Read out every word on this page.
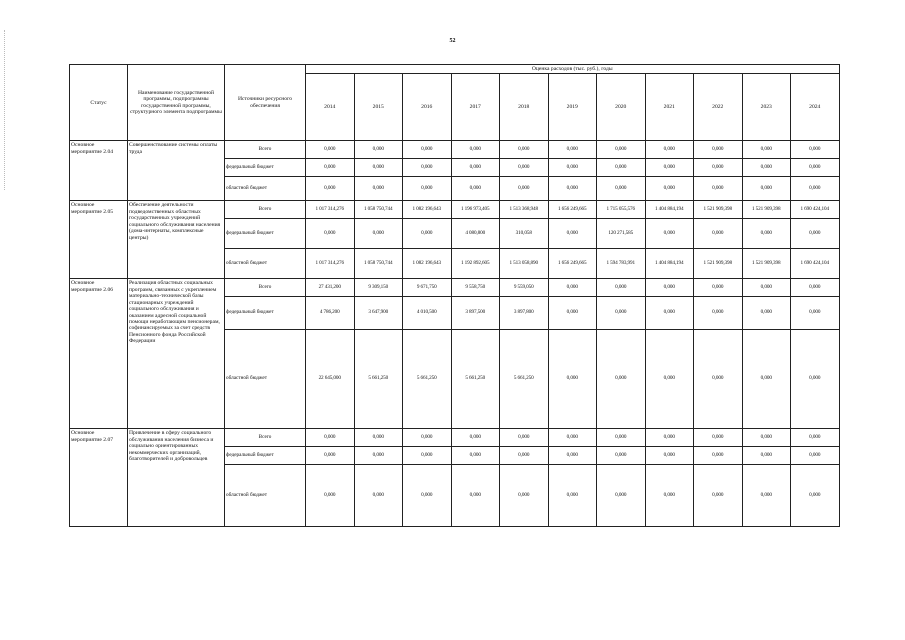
52
Статус	Наименование государственной программы, подпрограммы государственной программы, структурного элемента подпрограммы	Источники ресурсного обеспечения	Оценка расходов (тыс. руб.), годы										
			2014	2015	2016	2017	2018	2019	2020	2021	2022	2023	2024
Основное мероприятие 2.04	Совершенствование системы оплаты труда	Всего	0,000	0,000	0,000	0,000	0,000	0,000	0,000	0,000	0,000	0,000	0,000
		федеральный бюджет	0,000	0,000	0,000	0,000	0,000	0,000	0,000	0,000	0,000	0,000	0,000
		областной бюджет	0,000	0,000	0,000	0,000	0,000	0,000	0,000	0,000	0,000	0,000	0,000
Основное мероприятие 2.05	Обеспечение деятельности подведомственных областных государственных учреждений социального обслуживания населения (дома-интернаты, комплексные центры)	Всего	1 017 314,276	1 058 750,744	1 082 196,643	1 196 973,405	1 513 368,948	1 656 249,665	1 715 055,576	1 404 884,194	1 521 909,398	1 521 909,398	1 690 424,104
		федеральный бюджет	0,000	0,000	0,000	4 080,800	310,058	0,000	120 271,585	0,000	0,000	0,000	0,000
		областной бюджет	1 017 314,276	1 058 750,744	1 082 196,643	1 192 892,605	1 513 058,890	1 656 249,665	1 594 783,991	1 404 884,194	1 521 909,398	1 521 909,398	1 690 424,104
Основное мероприятие 2.06	Реализация областных социальных программ, связанных с укреплением материально-технической базы стационарных учреждений социального обслуживания и оказанием адресной социальной помощи неработающим пенсионерам, софинансируемых за счет средств Пенсионного фонда Российской Федерации	Всего	27 431,200	9 309,150	9 671,750	9 558,750	9 559,050	0,000	0,000	0,000	0,000	0,000	0,000
		федеральный бюджет	4 786,200	3 647,900	4 010,500	3 897,500	3 897,800	0,000	0,000	0,000	0,000	0,000	0,000
		областной бюджет	22 645,000	5 661,250	5 661,250	5 661,250	5 661,250	0,000	0,000	0,000	0,000	0,000	0,000
Основное мероприятие 2.07	Привлечение в сферу социального обслуживания населения бизнеса и социально ориентированных некоммерческих организаций, благотворителей и добровольцев	Всего	0,000	0,000	0,000	0,000	0,000	0,000	0,000	0,000	0,000	0,000	0,000
		федеральный бюджет	0,000	0,000	0,000	0,000	0,000	0,000	0,000	0,000	0,000	0,000	0,000
		областной бюджет	0,000	0,000	0,000	0,000	0,000	0,000	0,000	0,000	0,000	0,000	0,000
